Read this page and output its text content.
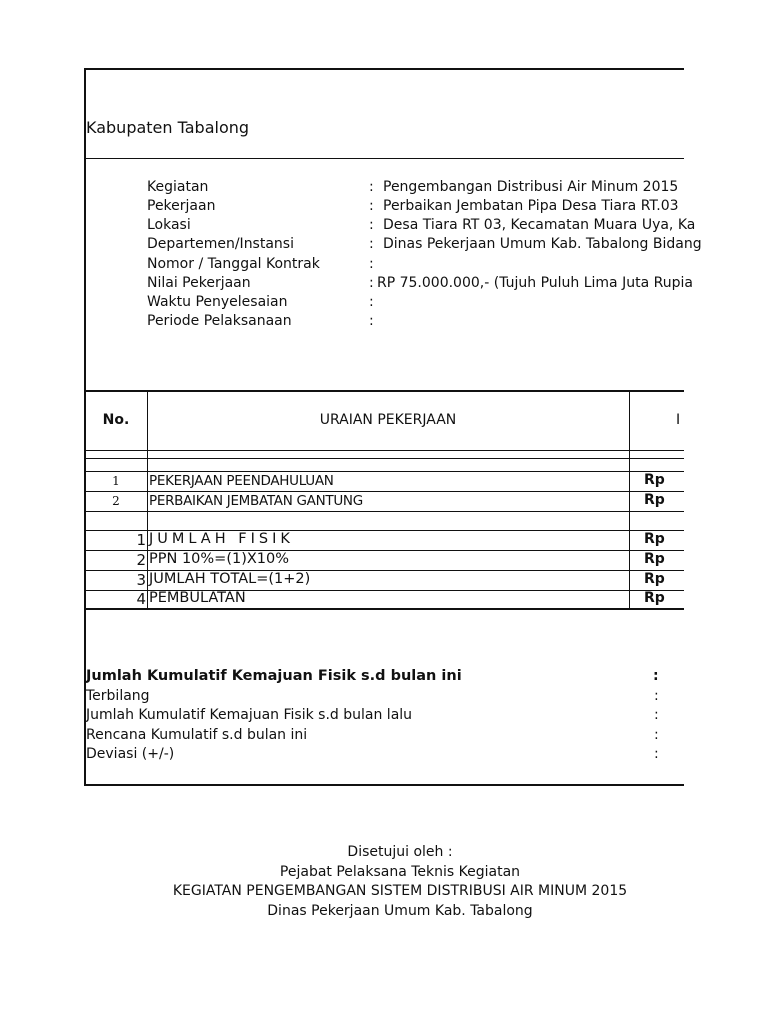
Kabupaten Tabalong
Kegiatan	: Pengembangan Distribusi Air Minum 2015
Pekerjaan	: Perbaikan Jembatan Pipa Desa Tiara RT.03
Lokasi	: Desa Tiara RT 03, Kecamatan Muara Uya, Ka
Departemen/Instansi	: Dinas Pekerjaan Umum Kab. Tabalong Bidang
Nomor / Tanggal Kontrak	:
Nilai Pekerjaan	: RP 75.000.000,- (Tujuh Puluh Lima Juta Rupia
Waktu Penyelesaian	:
Periode Pelaksanaan	:
No.	URAIAN PEKERJAAN	I
1	PEKERJAAN PEENDAHULUAN	Rp
2	PERBAIKAN JEMBATAN GANTUNG	Rp
1 JUMLAH FISIK	Rp
2 PPN 10%=(1)X10%	Rp
3 JUMLAH TOTAL=(1+2)	Rp
4 PEMBULATAN	Rp
Jumlah Kumulatif Kemajuan Fisik s.d bulan ini	:
Terbilang	:
Jumlah Kumulatif Kemajuan Fisik s.d bulan lalu	:
Rencana Kumulatif s.d bulan ini	:
Deviasi (+/-)	:
Disetujui oleh :
Pejabat Pelaksana Teknis Kegiatan
KEGIATAN PENGEMBANGAN SISTEM DISTRIBUSI AIR MINUM 2015
Dinas Pekerjaan Umum Kab. Tabalong
